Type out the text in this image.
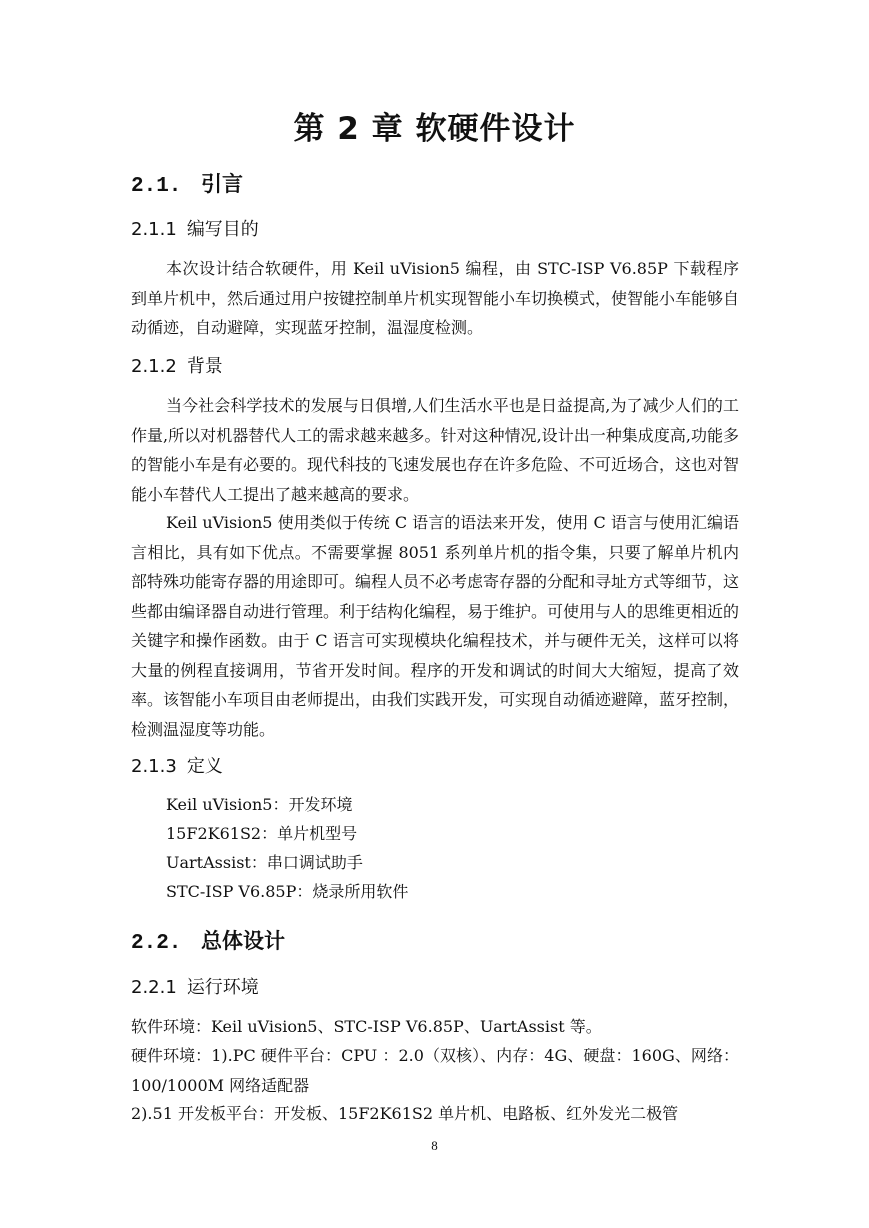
第 2 章 软硬件设计
2.1. 引言
2.1.1 编写目的

本次设计结合软硬件，用 Keil uVision5 编程，由 STC-ISP V6.85P 下载程序到单片机中，然后通过用户按键控制单片机实现智能小车切换模式，使智能小车能够自动循迹，自动避障，实现蓝牙控制，温湿度检测。

2.1.2 背景

当今社会科学技术的发展与日俱增,人们生活水平也是日益提高,为了减少人们的工作量,所以对机器替代人工的需求越来越多。针对这种情况,设计出一种集成度高,功能多的智能小车是有必要的。现代科技的飞速发展也存在许多危险、不可近场合，这也对智能小车替代人工提出了越来越高的要求。

Keil uVision5 使用类似于传统 C 语言的语法来开发，使用 C 语言与使用汇编语言相比，具有如下优点。不需要掌握 8051 系列单片机的指令集，只要了解单片机内部特殊功能寄存器的用途即可。编程人员不必考虑寄存器的分配和寻址方式等细节，这些都由编译器自动进行管理。利于结构化编程，易于维护。可使用与人的思维更相近的关键字和操作函数。由于 C 语言可实现模块化编程技术，并与硬件无关，这样可以将大量的例程直接调用，节省开发时间。程序的开发和调试的时间大大缩短，提高了效率。该智能小车项目由老师提出，由我们实践开发，可实现自动循迹避障，蓝牙控制，检测温湿度等功能。

2.1.3 定义
Keil uVision5：开发环境
15F2K61S2：单片机型号
UartAssist：串口调试助手
STC-ISP V6.85P：烧录所用软件
2.2. 总体设计
2.2.1 运行环境

软件环境：Keil uVision5、STC-ISP V6.85P、UartAssist 等。

硬件环境：1).PC 硬件平台：CPU ：2.0（双核）、内存：4G、硬盘：160G、网络：100/1000M 网络适配器

2).51 开发板平台：开发板、15F2K61S2 单片机、电路板、红外发光二极管

8
